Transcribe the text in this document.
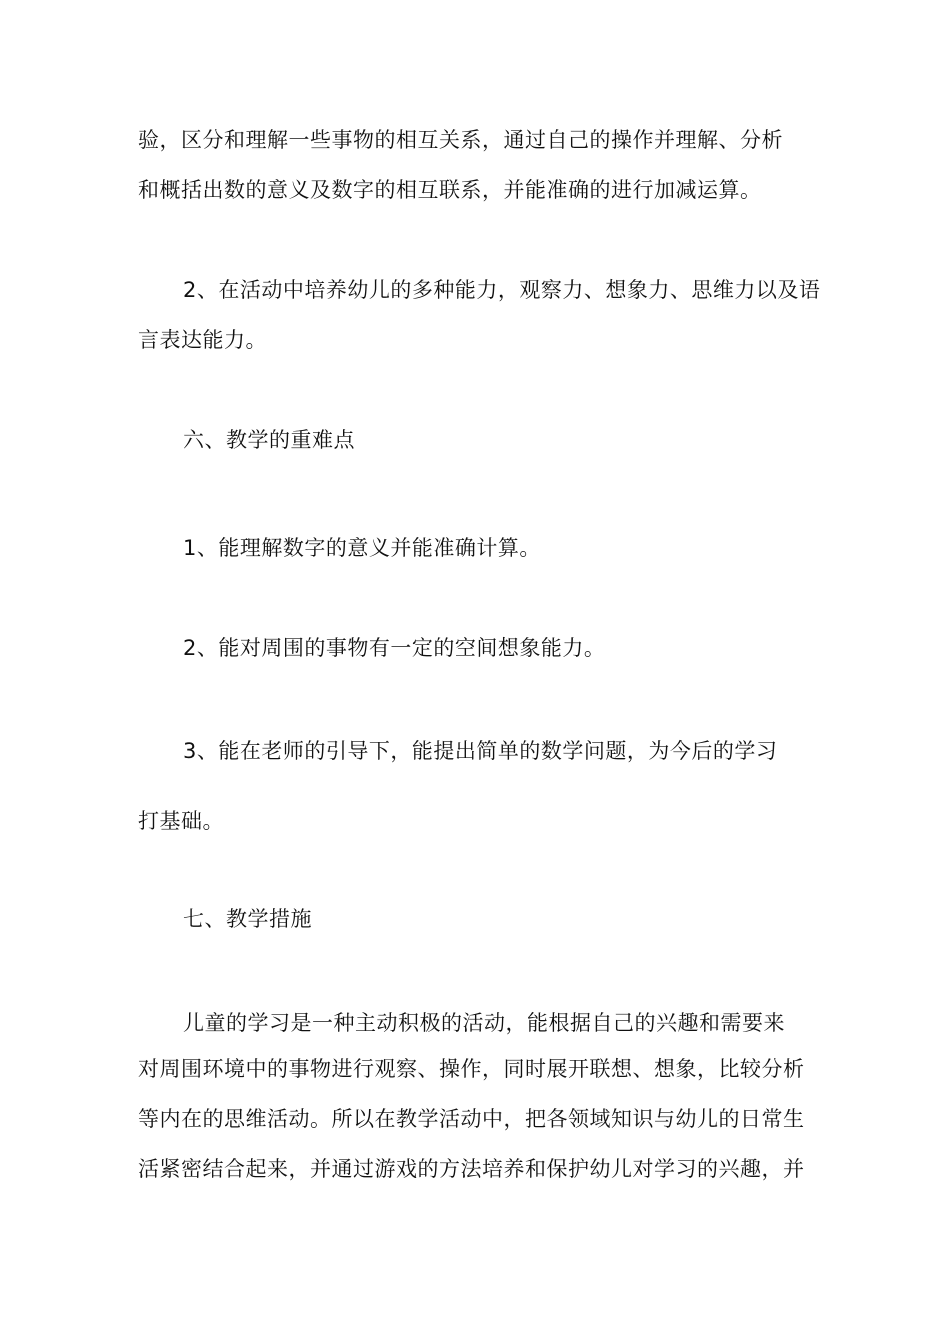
验，区分和理解一些事物的相互关系，通过自己的操作并理解、分析
和概括出数的意义及数字的相互联系，并能准确的进行加减运算。
2、在活动中培养幼儿的多种能力，观察力、想象力、思维力以及语
言表达能力。
六、教学的重难点
1、能理解数字的意义并能准确计算。
2、能对周围的事物有一定的空间想象能力。
3、能在老师的引导下，能提出简单的数学问题，为今后的学习
打基础。
七、教学措施
儿童的学习是一种主动积极的活动，能根据自己的兴趣和需要来
对周围环境中的事物进行观察、操作，同时展开联想、想象，比较分析
等内在的思维活动。所以在教学活动中，把各领域知识与幼儿的日常生
活紧密结合起来，并通过游戏的方法培养和保护幼儿对学习的兴趣，并
